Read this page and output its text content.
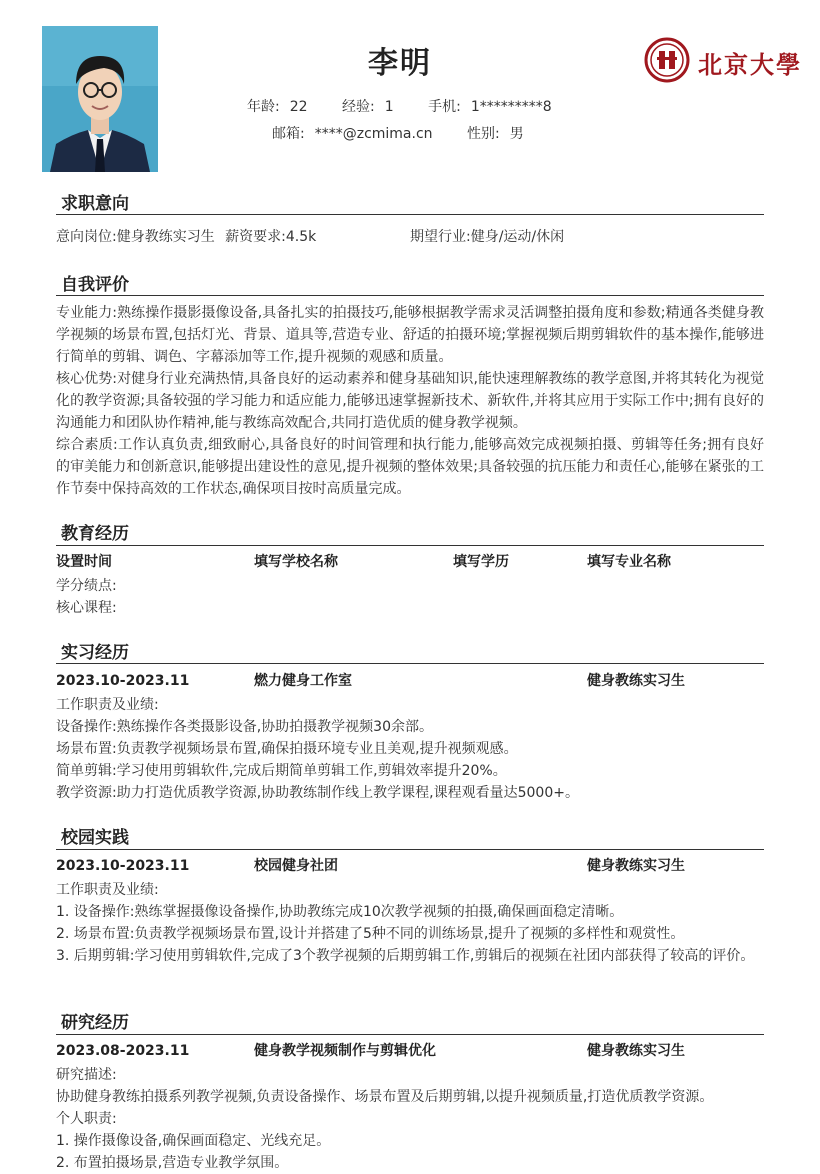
李明
年龄: 22 经验: 1 手机: 1*********8
邮箱: ****@zcmima.cn 性别: 男
北京大學
求职意向
意向岗位:健身教练实习生 薪资要求:4.5k	期望行业:健身/运动/休闲
自我评价
专业能力:熟练操作摄影摄像设备,具备扎实的拍摄技巧,能够根据教学需求灵活调整拍摄角度和参数;精通各类健身教学视频的场景布置,包括灯光、背景、道具等,营造专业、舒适的拍摄环境;掌握视频后期剪辑软件的基本操作,能够进行简单的剪辑、调色、字幕添加等工作,提升视频的观感和质量。
核心优势:对健身行业充满热情,具备良好的运动素养和健身基础知识,能快速理解教练的教学意图,并将其转化为视觉化的教学资源;具备较强的学习能力和适应能力,能够迅速掌握新技术、新软件,并将其应用于实际工作中;拥有良好的沟通能力和团队协作精神,能与教练高效配合,共同打造优质的健身教学视频。
综合素质:工作认真负责,细致耐心,具备良好的时间管理和执行能力,能够高效完成视频拍摄、剪辑等任务;拥有良好的审美能力和创新意识,能够提出建设性的意见,提升视频的整体效果;具备较强的抗压能力和责任心,能够在紧张的工作节奏中保持高效的工作状态,确保项目按时高质量完成。
教育经历
设置时间	填写学校名称	填写学历	填写专业名称
学分绩点:
核心课程:
实习经历
2023.10-2023.11	燃力健身工作室	健身教练实习生
工作职责及业绩:
设备操作:熟练操作各类摄影设备,协助拍摄教学视频30余部。
场景布置:负责教学视频场景布置,确保拍摄环境专业且美观,提升视频观感。
简单剪辑:学习使用剪辑软件,完成后期简单剪辑工作,剪辑效率提升20%。
教学资源:助力打造优质教学资源,协助教练制作线上教学课程,课程观看量达5000+。
校园实践
2023.10-2023.11	校园健身社团	健身教练实习生
工作职责及业绩:
1. 设备操作:熟练掌握摄像设备操作,协助教练完成10次教学视频的拍摄,确保画面稳定清晰。
2. 场景布置:负责教学视频场景布置,设计并搭建了5种不同的训练场景,提升了视频的多样性和观赏性。
3. 后期剪辑:学习使用剪辑软件,完成了3个教学视频的后期剪辑工作,剪辑后的视频在社团内部获得了较高的评价。
研究经历
2023.08-2023.11	健身教学视频制作与剪辑优化	健身教练实习生
研究描述:
协助健身教练拍摄系列教学视频,负责设备操作、场景布置及后期剪辑,以提升视频质量,打造优质教学资源。
个人职责:
1. 操作摄像设备,确保画面稳定、光线充足。
2. 布置拍摄场景,营造专业教学氛围。
